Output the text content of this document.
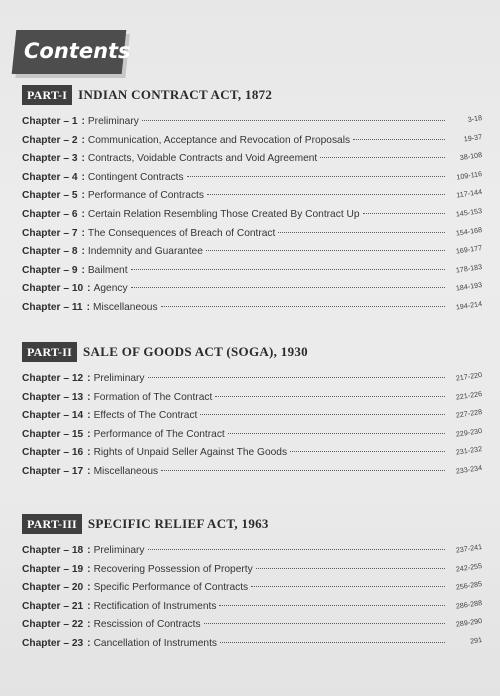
Contents
PART-I INDIAN CONTRACT ACT, 1872
Chapter – 1 : Preliminary	3-18
Chapter – 2 : Communication, Acceptance and Revocation of Proposals	19-37
Chapter – 3 : Contracts, Voidable Contracts and Void Agreement	38-108
Chapter – 4 : Contingent Contracts	109-116
Chapter – 5 : Performance of Contracts	117-144
Chapter – 6 : Certain Relation Resembling Those Created By Contract Up	145-153
Chapter – 7 : The Consequences of Breach of Contract	154-168
Chapter – 8 : Indemnity and Guarantee	169-177
Chapter – 9 : Bailment	178-183
Chapter – 10 : Agency	184-193
Chapter – 11 : Miscellaneous	194-214
PART-II SALE OF GOODS ACT (SOGA), 1930
Chapter – 12 : Preliminary	217-220
Chapter – 13 : Formation of The Contract	221-226
Chapter – 14 : Effects of The Contract	227-228
Chapter – 15 : Performance of The Contract	229-230
Chapter – 16 : Rights of Unpaid Seller Against The Goods	231-232
Chapter – 17 : Miscellaneous	233-234
PART-III SPECIFIC RELIEF ACT, 1963
Chapter – 18 : Preliminary	237-241
Chapter – 19 : Recovering Possession of Property	242-255
Chapter – 20 : Specific Performance of Contracts	256-285
Chapter – 21 : Rectification of Instruments	286-288
Chapter – 22 : Rescission of Contracts	289-290
Chapter – 23 : Cancellation of Instruments	291
